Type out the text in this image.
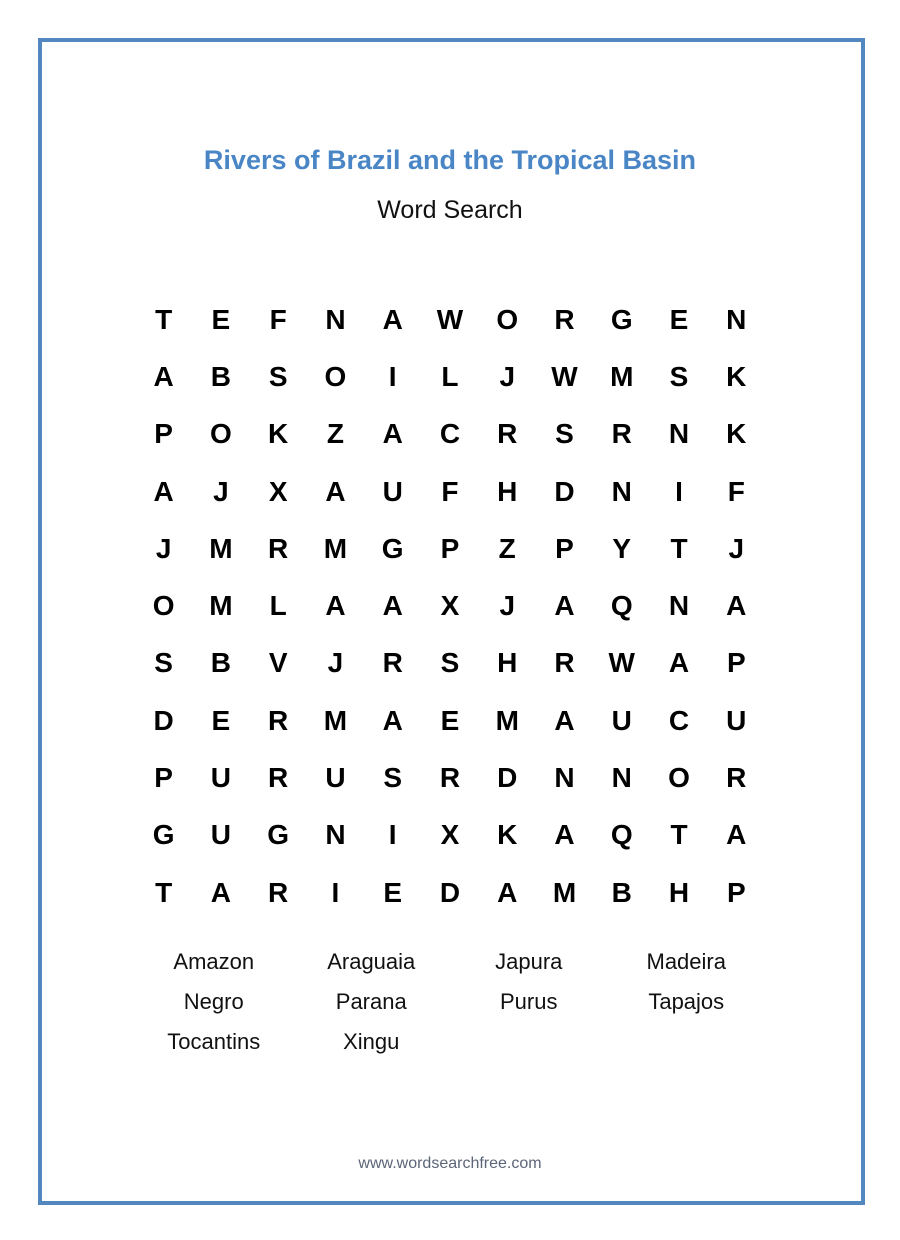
Rivers of Brazil and the Tropical Basin
Word Search
T	E	F	N	A	W	O	R	G	E	N
A	B	S	O	I	L	J	W	M	S	K
P	O	K	Z	A	C	R	S	R	N	K
A	J	X	A	U	F	H	D	N	I	F
J	M	R	M	G	P	Z	P	Y	T	J
O	M	L	A	A	X	J	A	Q	N	A
S	B	V	J	R	S	H	R	W	A	P
D	E	R	M	A	E	M	A	U	C	U
P	U	R	U	S	R	D	N	N	O	R
G	U	G	N	I	X	K	A	Q	T	A
T	A	R	I	E	D	A	M	B	H	P
Amazon	Araguaia	Japura	Madeira
Negro	Parana	Purus	Tapajos
Tocantins	Xingu
www.wordsearchfree.com
